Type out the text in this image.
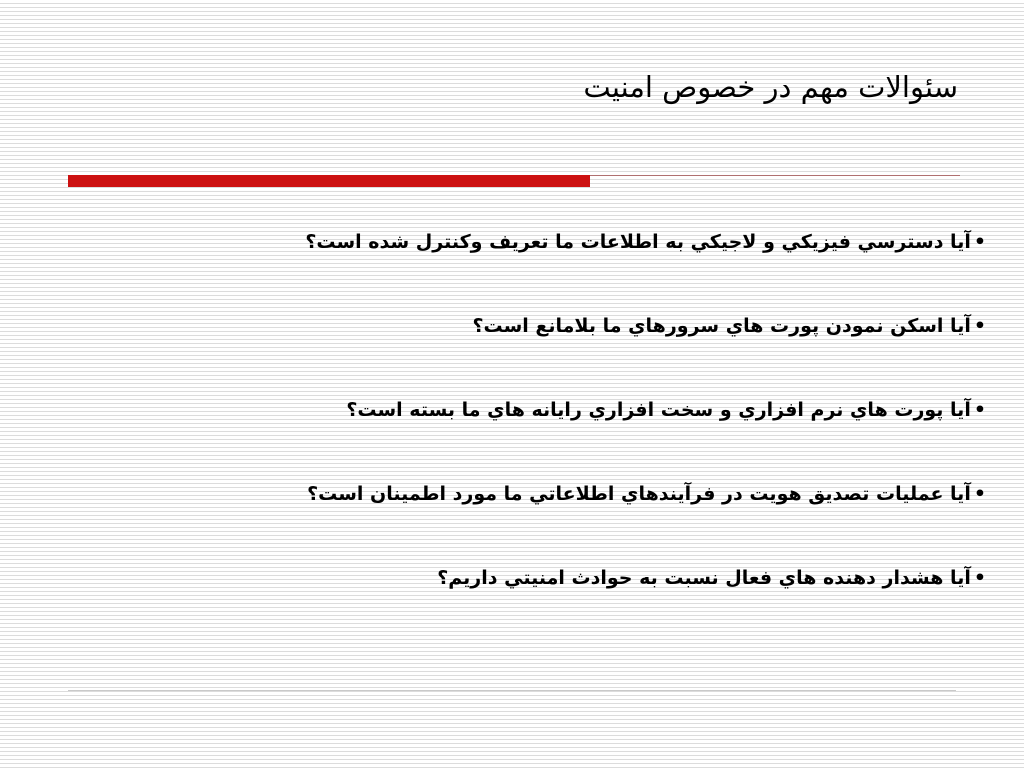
سئوالات مهم در خصوص امنيت
•آيا دسترسي فيزيكي و لاجيكي به اطلاعات ما تعريف وكنترل شده است؟
•آيا اسكن نمودن پورت هاي سرورهاي ما بلامانع است؟
•آيا پورت هاي نرم افزاري و سخت افزاري رايانه هاي ما بسته است؟
•آيا عمليات تصديق هويت در فرآيندهاي اطلاعاتي ما مورد اطمينان است؟
•آيا هشدار دهنده هاي فعال نسبت به حوادث امنيتي داريم؟
